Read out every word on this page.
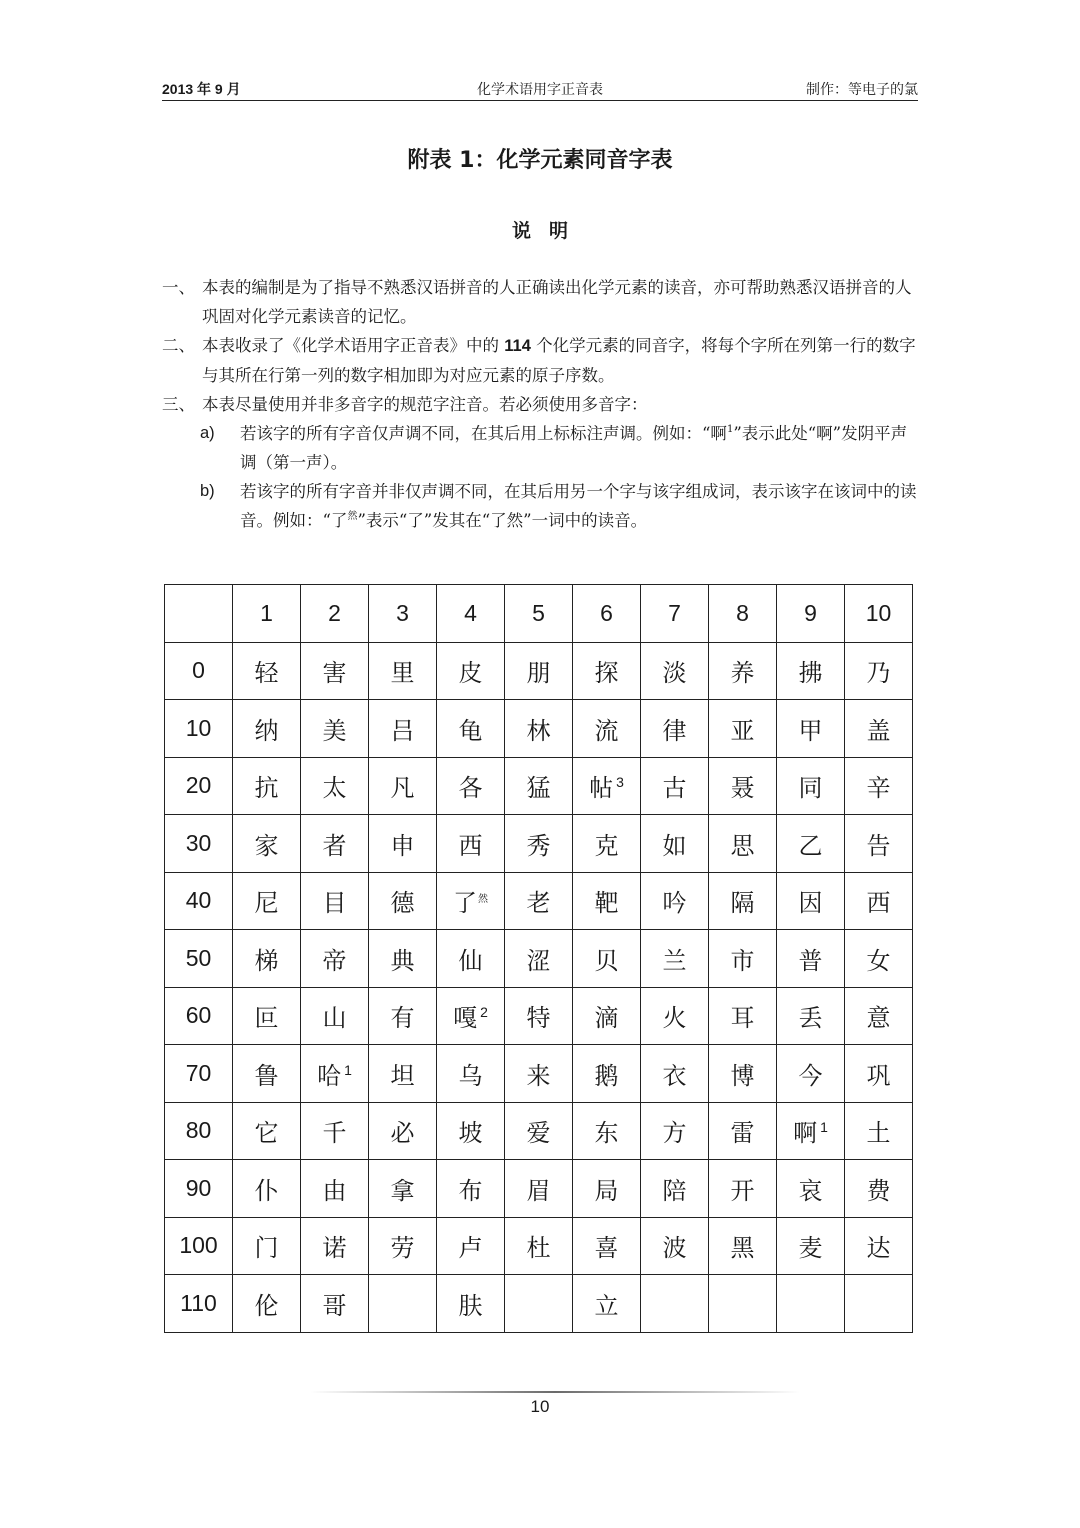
2013 年 9 月	化学术语用字正音表	制作：等电子的氯
附表 1：化学元素同音字表
说明
一、 本表的编制是为了指导不熟悉汉语拼音的人正确读出化学元素的读音，亦可帮助熟悉汉语拼音的人巩固对化学元素读音的记忆。
二、 本表收录了《化学术语用字正音表》中的 114 个化学元素的同音字，将每个字所在列第一行的数字与其所在行第一列的数字相加即为对应元素的原子序数。
三、 本表尽量使用并非多音字的规范字注音。若必须使用多音字：
a) 若该字的所有字音仅声调不同，在其后用上标标注声调。例如：“啊$^1$”表示此处“啊”发阴平声调（第一声）。
b) 若该字的所有字音并非仅声调不同，在其后用另一个字与该字组成词，表示该字在该词中的读音。例如：“了$^然$”表示“了”发其在“了然”一词中的读音。
	1	2	3	4	5	6	7	8	9	10
0	轻	害	里	皮	朋	探	淡	养	拂	乃
10	纳	美	吕	龟	林	流	律	亚	甲	盖
20	抗	太	凡	各	猛	帖 $^3$	古	聂	同	辛
30	家	者	申	西	秀	克	如	思	乙	告
40	尼	目	德	了$^然$	老	靶	吟	隔	因	西
50	梯	帝	典	仙	涩	贝	兰	市	普	女
60	叵	山	有	嘎 $^2$	特	滴	火	耳	丢	意
70	鲁	哈 $^1$	坦	乌	来	鹅	衣	博	今	巩
80	它	千	必	坡	爱	东	方	雷	啊 $^1$	土
90	仆	由	拿	布	眉	局	陪	开	哀	费
100	门	诺	劳	卢	杜	喜	波	黑	麦	达
110	伦	哥		肤		立				
10
